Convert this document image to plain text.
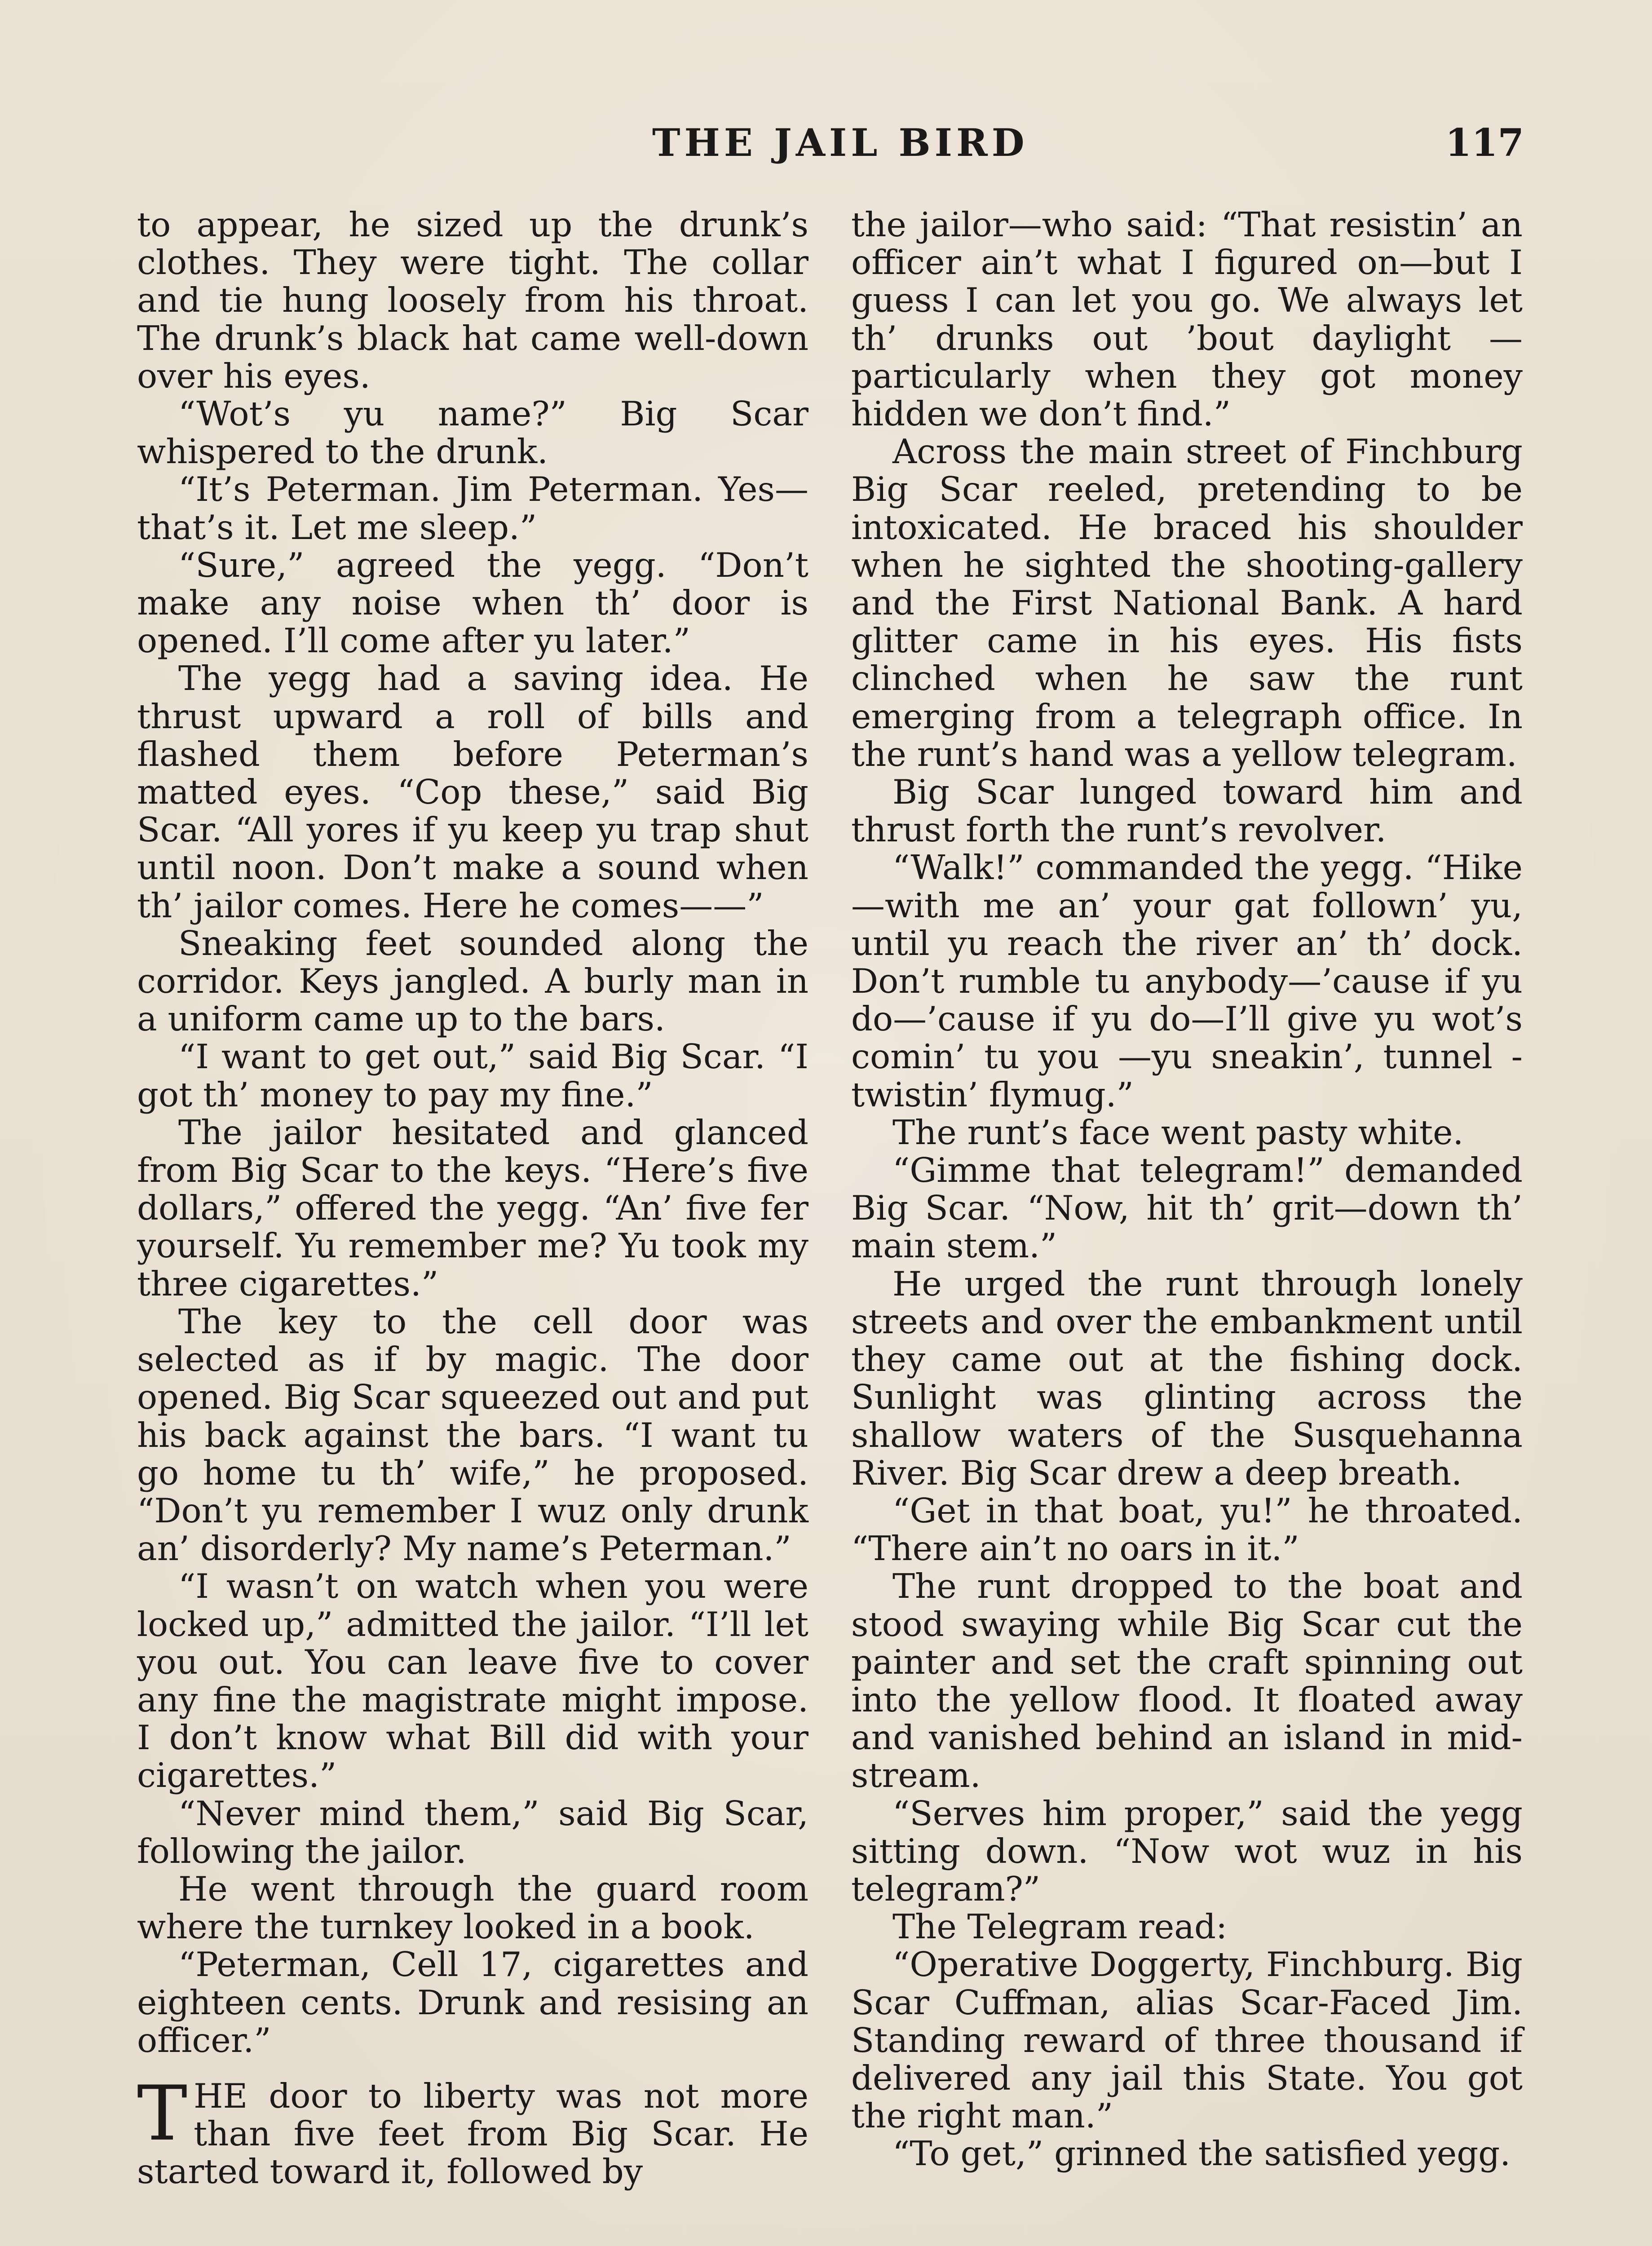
THE JAIL BIRD	117

to appear, he sized up the drunk’s clothes. They were tight. The collar and tie hung loosely from his throat. The drunk’s black hat came well-down over his eyes.

“Wot’s yu name?” Big Scar whispered to the drunk.

“It’s Peterman. Jim Peterman. Yes—that’s it. Let me sleep.”

“Sure,” agreed the yegg. “Don’t make any noise when th’ door is opened. I’ll come after yu later.”

The yegg had a saving idea. He thrust upward a roll of bills and flashed them before Peterman’s matted eyes. “Cop these,” said Big Scar. “All yores if yu keep yu trap shut until noon. Don’t make a sound when th’ jailor comes. Here he comes——”

Sneaking feet sounded along the corridor. Keys jangled. A burly man in a uniform came up to the bars.

“I want to get out,” said Big Scar. “I got th’ money to pay my fine.”

The jailor hesitated and glanced from Big Scar to the keys. “Here’s five dollars,” offered the yegg. “An’ five fer yourself. Yu remember me? Yu took my three cigarettes.”

The key to the cell door was selected as if by magic. The door opened. Big Scar squeezed out and put his back against the bars. “I want tu go home tu th’ wife,” he proposed. “Don’t yu remember I wuz only drunk an’ disorderly? My name’s Peterman.”

“I wasn’t on watch when you were locked up,” admitted the jailor. “I’ll let you out. You can leave five to cover any fine the magistrate might impose. I don’t know what Bill did with your cigarettes.”

“Never mind them,” said Big Scar, following the jailor.

He went through the guard room where the turnkey looked in a book.

“Peterman, Cell 17, cigarettes and eighteen cents. Drunk and resising an officer.”

THE door to liberty was not more than five feet from Big Scar. He started toward it, followed by

the jailor—who said: “That resistin’ an officer ain’t what I figured on—but I guess I can let you go. We always let th’ drunks out ’bout daylight — particularly when they got money hidden we don’t find.”

Across the main street of Finchburg Big Scar reeled, pretending to be intoxicated. He braced his shoulder when he sighted the shooting-gallery and the First National Bank. A hard glitter came in his eyes. His fists clinched when he saw the runt emerging from a telegraph office. In the runt’s hand was a yellow telegram.

Big Scar lunged toward him and thrust forth the runt’s revolver.

“Walk!” commanded the yegg. “Hike—with me an’ your gat follown’ yu, until yu reach the river an’ th’ dock. Don’t rumble tu anybody—’cause if yu do—’cause if yu do—I’ll give yu wot’s comin’ tu you —yu sneakin’, tunnel - twistin’ flymug.”

The runt’s face went pasty white.

“Gimme that telegram!” demanded Big Scar. “Now, hit th’ grit—down th’ main stem.”

He urged the runt through lonely streets and over the embankment until they came out at the fishing dock. Sunlight was glinting across the shallow waters of the Susquehanna River. Big Scar drew a deep breath.

“Get in that boat, yu!” he throated. “There ain’t no oars in it.”

The runt dropped to the boat and stood swaying while Big Scar cut the painter and set the craft spinning out into the yellow flood. It floated away and vanished behind an island in mid-stream.

“Serves him proper,” said the yegg sitting down. “Now wot wuz in his telegram?”

The Telegram read:

“Operative Doggerty, Finchburg. Big Scar Cuffman, alias Scar-Faced Jim. Standing reward of three thousand if delivered any jail this State. You got the right man.”

“To get,” grinned the satisfied yegg.
